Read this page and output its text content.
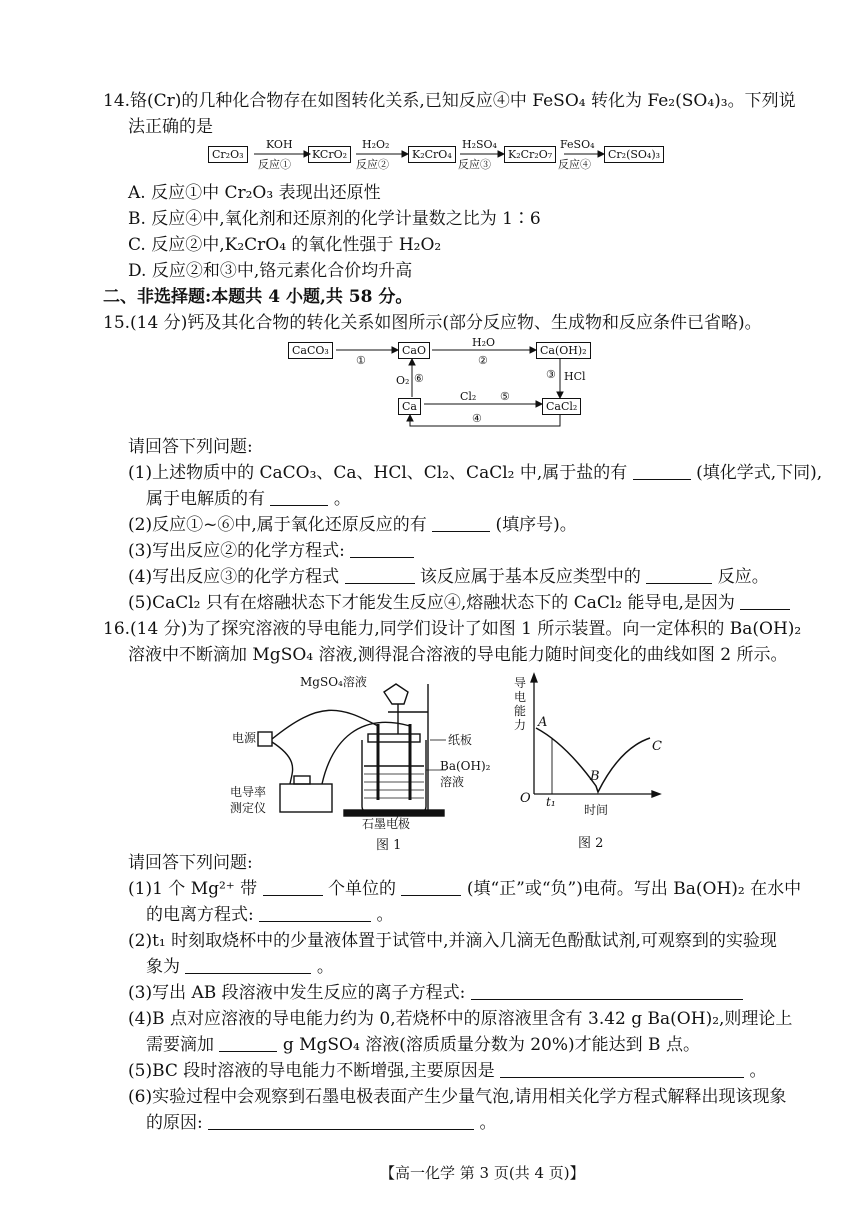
14.铬(Cr)的几种化合物存在如图转化关系,已知反应④中 FeSO₄ 转化为 Fe₂(SO₄)₃。下列说
法正确的是
Cr₂O₃	KCrO₂	K₂CrO₄	K₂Cr₂O₇	Cr₂(SO₄)₃
KOH	H₂O₂	H₂SO₄	FeSO₄
反应①	反应②	反应③	反应④
A. 反应①中 Cr₂O₃ 表现出还原性
B. 反应④中,氧化剂和还原剂的化学计量数之比为 1∶6
C. 反应②中,K₂CrO₄ 的氧化性强于 H₂O₂
D. 反应②和③中,铬元素化合价均升高
二、非选择题:本题共 4 小题,共 58 分。
15.(14 分)钙及其化合物的转化关系如图所示(部分反应物、生成物和反应条件已省略)。
CaCO₃	CaO	Ca(OH)₂
Ca	CaCl₂
①
H₂O
②
③ HCl
O₂ ⑥
Cl₂ ⑤
④
请回答下列问题:
(1)上述物质中的 CaCO₃、Ca、HCl、Cl₂、CaCl₂ 中,属于盐的有	(填化学式,下同),
属于电解质的有	。
(2)反应①~⑥中,属于氧化还原反应的有	(填序号)。
(3)写出反应②的化学方程式:
(4)写出反应③的化学方程式	该反应属于基本反应类型中的	反应。
(5)CaCl₂ 只有在熔融状态下才能发生反应④,熔融状态下的 CaCl₂ 能导电,是因为
16.(14 分)为了探究溶液的导电能力,同学们设计了如图 1 所示装置。向一定体积的 Ba(OH)₂
溶液中不断滴加 MgSO₄ 溶液,测得混合溶液的导电能力随时间变化的曲线如图 2 所示。
MgSO₄溶液
电源	纸板
Ba(OH)₂
溶液
电导率
测定仪
石墨电极
图 1
导电能力 A
B
C
O t₁
时间
图 2
请回答下列问题:
(1)1 个 Mg²⁺ 带	个单位的	(填“正”或“负”)电荷。写出 Ba(OH)₂ 在水中
的电离方程式:	。
(2)t₁ 时刻取烧杯中的少量液体置于试管中,并滴入几滴无色酚酞试剂,可观察到的实验现
象为	。
(3)写出 AB 段溶液中发生反应的离子方程式:
(4)B 点对应溶液的导电能力约为 0,若烧杯中的原溶液里含有 3.42 g Ba(OH)₂,则理论上
需要滴加	g MgSO₄ 溶液(溶质质量分数为 20%)才能达到 B 点。
(5)BC 段时溶液的导电能力不断增强,主要原因是	。
(6)实验过程中会观察到石墨电极表面产生少量气泡,请用相关化学方程式解释出现该现象
的原因:	。
【高一化学 第 3 页(共 4 页)】
